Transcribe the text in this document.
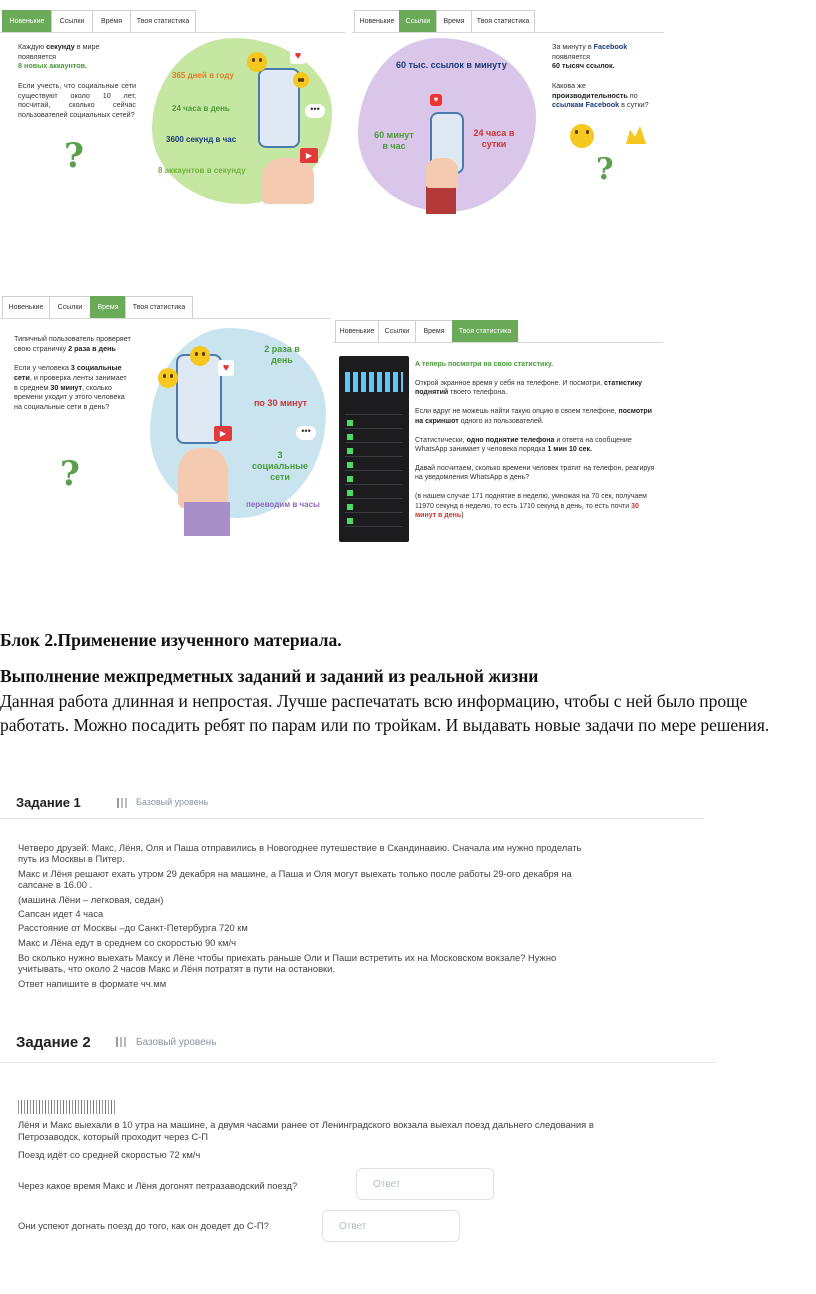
Новенькие	Ссылки	Время	Твоя статистика
Каждую секунду в мире появляется
8 новых аккаунтов.

Если учесть, что социальные сети существуют около 10 лет, посчитай, сколько сейчас пользователей социальных сетей?
?
♥
•••
▶
365 дней в году
24 часа в день
3600 секунд в час
8 аккаунтов в секунду
Новенькие	Ссылки	Время	Твоя статистика
♥
60 тыс. ссылок в минуту
60 минут в час
24 часа в сутки
За минуту в Facebook появляется
60 тысяч ссылок.

Какова же производительность по ссылкам Facebook в сутки?
?
Новенькие	Ссылки	Время	Твоя статистика
Типичный пользователь проверяет свою страничку 2 раза в день

Если у человека 3 социальные сети, и проверка ленты занимает в среднем 30 минут, сколько времени уходит у этого человека на социальные сети в день?
?
♥
▶	•••
2 раза в день
по 30 минут
3 социальные сети
переводим в часы
Новенькие	Ссылки	Время	Твоя статистика
А теперь посмотри на свою статистику.

Открой экранное время у себя на телефоне. И посмотри, статистику поднятий твоего телефона.

Если вдруг не можешь найти такую опцию в своем телефоне, посмотри на скриншот одного из пользователей.

Статистически, одно поднятие телефона и ответа на сообщение WhatsApp занимает у человека порядка 1 мин 10 сек.

Давай посчитаем, сколько времени человек тратит на телефон, реагируя на уведомления WhatsApp в день?

(в нашем случае 171 поднятие в неделю, умножая на 70 сек, получаем 11970 секунд в неделю, то есть 1710 секунд в день, то есть почти 30 минут в день)
Блок 2.Применение изученного материала.
Выполнение межпредметных заданий и заданий из реальной жизни
Данная работа длинная и непростая. Лучше распечатать всю информацию, чтобы с ней было проще работать. Можно посадить ребят по парам или по тройкам. И выдавать новые задачи по мере решения.
Задание 1	Базовый уровень
Четверо друзей: Макс, Лёня, Оля и Паша отправились в Новогоднее путешествие в Скандинавию. Сначала им нужно проделать
путь из Москвы в Питер.
Макс и Лёня решают ехать утром 29 декабря на машине, а Паша и Оля могут выехать только после работы 29-ого декабря на
сапсане в 16.00 .
(машина Лёни – легковая, седан)
Сапсан идет 4 часа
Расстояние от Москвы –до Санкт-Петербурга 720 км
Макс и Лёна едут в среднем со скоростью 90 км/ч
Во сколько нужно выехать Максу и Лёне чтобы приехать раньше Оли и Паши встретить их на Московском вокзале? Нужно
учитывать, что около 2 часов Макс и Лёня потратят в пути на остановки.
Ответ напишите в формате чч.мм
Задание 2	Базовый уровень
Лёня и Макс выехали в 10 утра на машине, а двумя часами ранее от Ленинградского вокзала выехал поезд дальнего следования в
Петрозаводск, который проходит через С-П
Поезд идёт со средней скоростью 72 км/ч
Через какое время Макс и Лёня догонят петразаводский поезд?	Ответ
Они успеют догнать поезд до того, как он доедет до С-П?	Ответ
